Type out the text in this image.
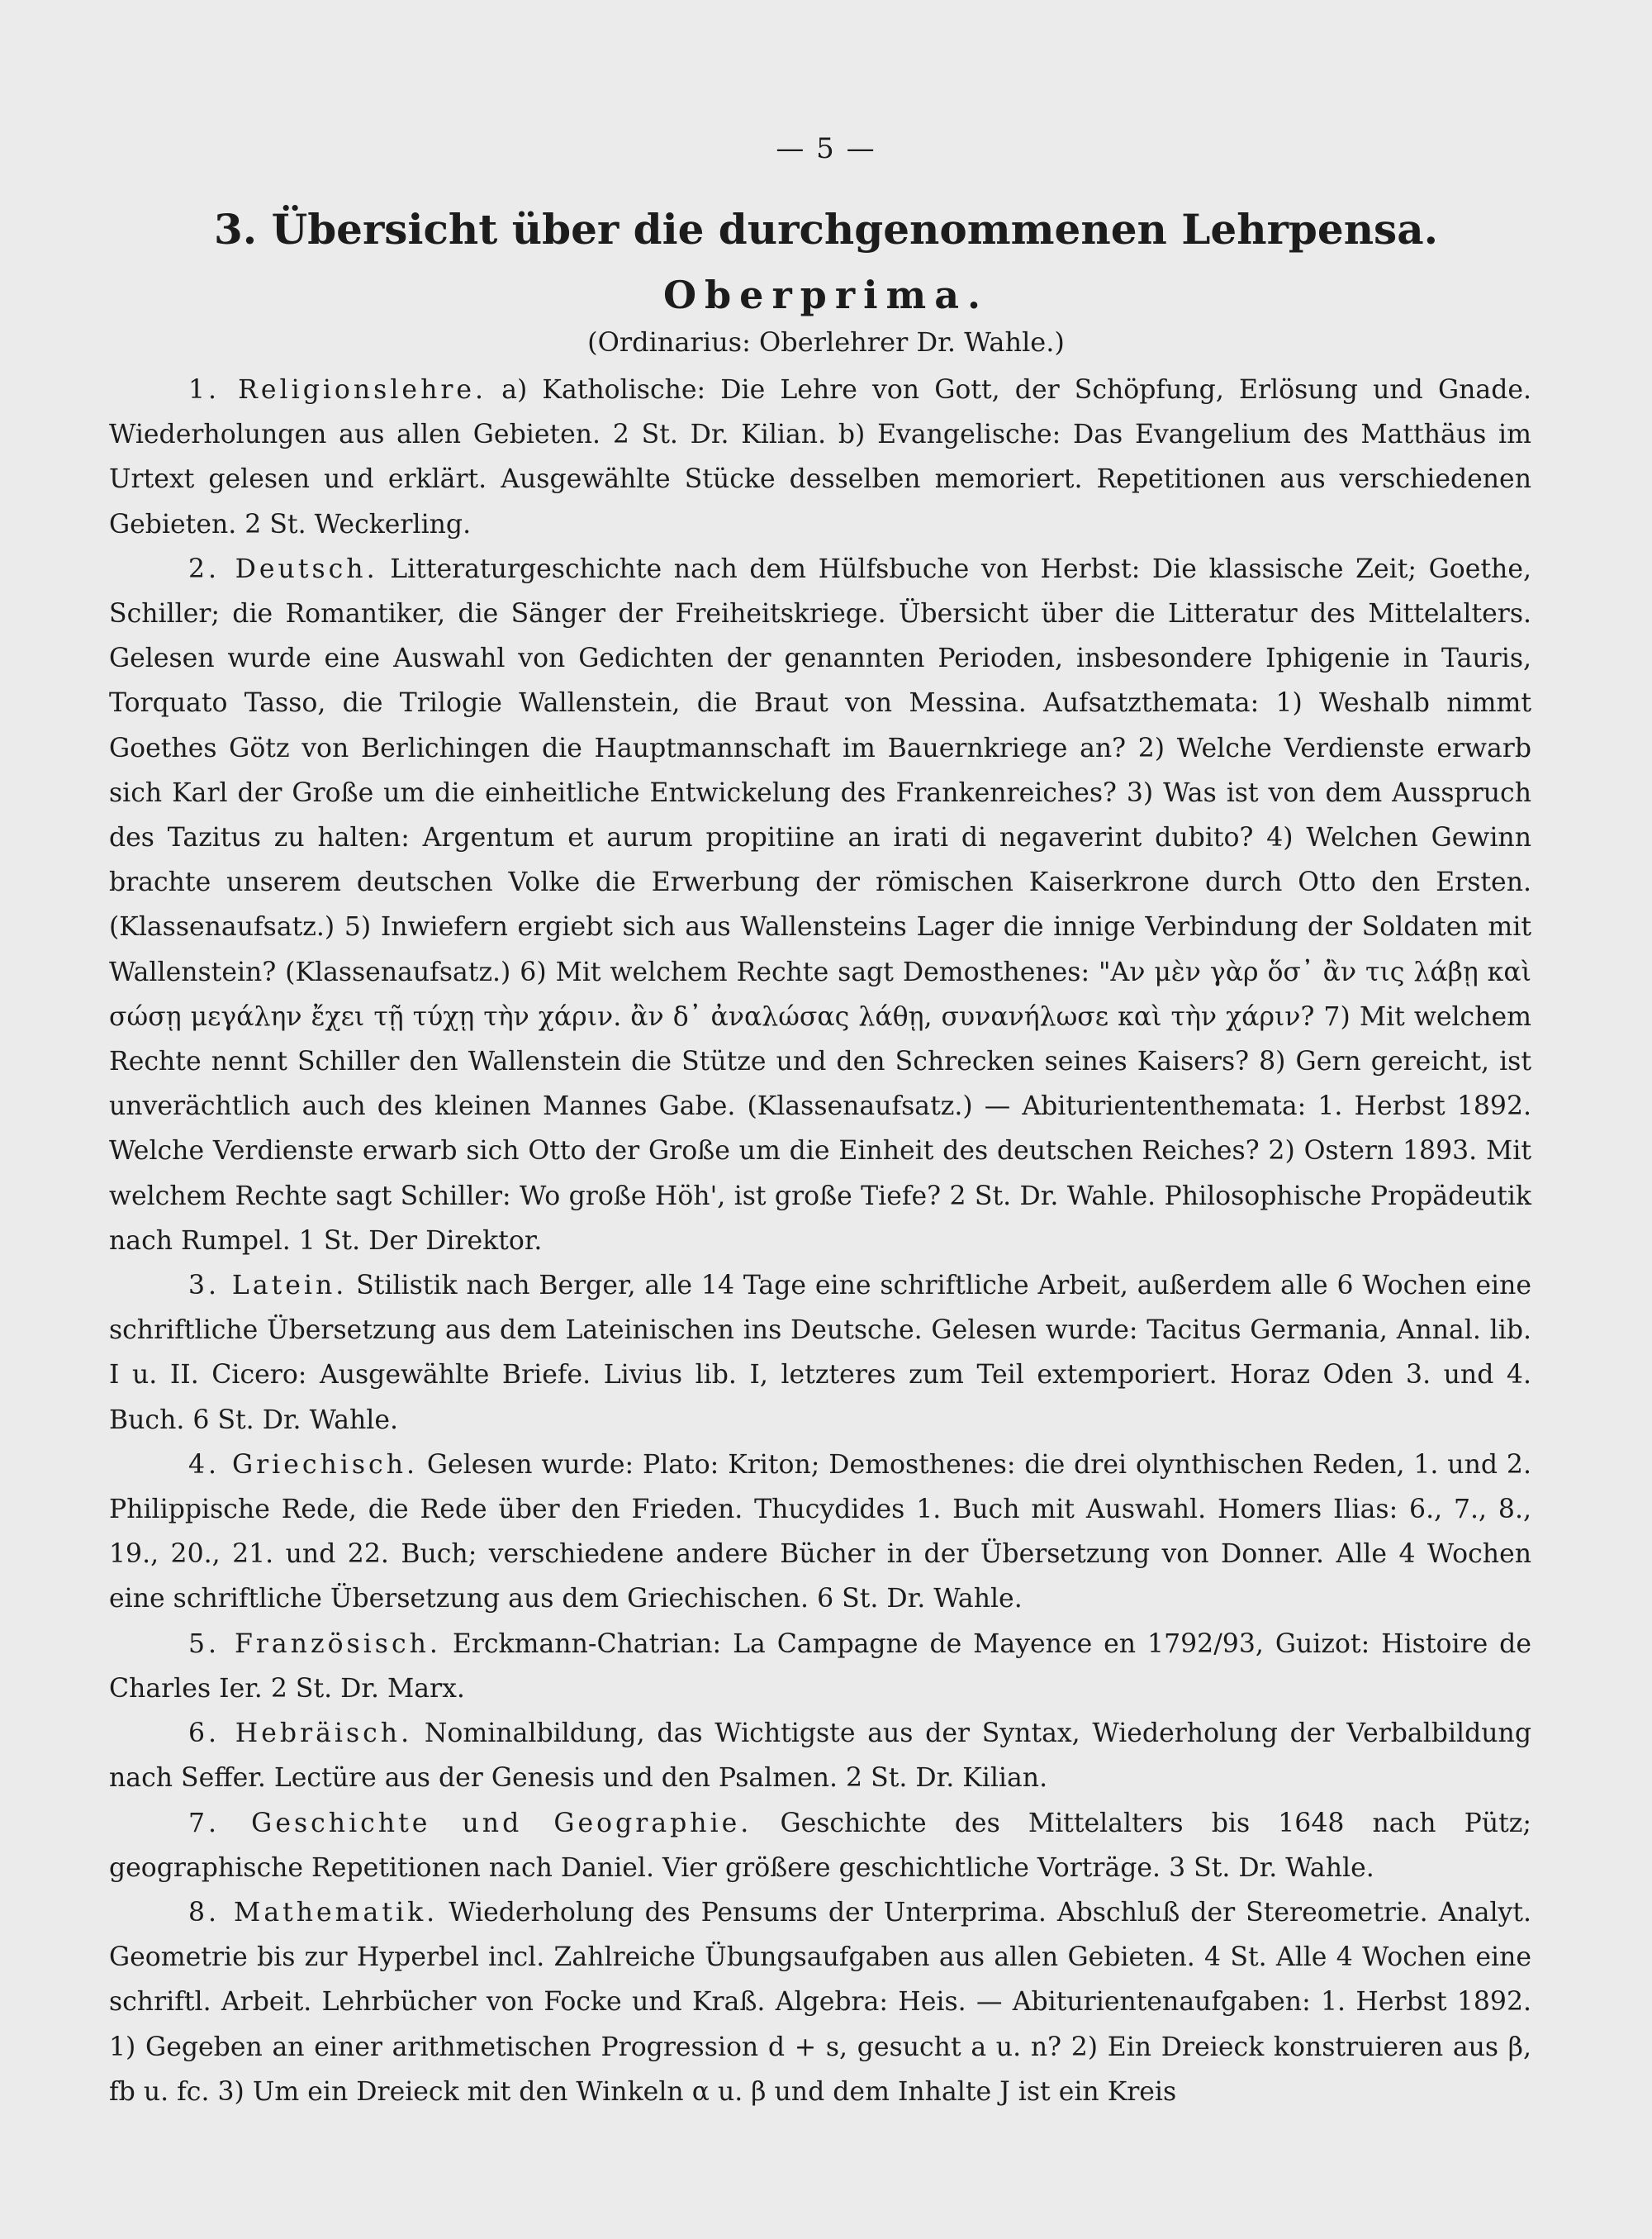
— 5 —
3. Übersicht über die durchgenommenen Lehrpensa.
Oberprima.
(Ordinarius: Oberlehrer Dr. Wahle.)

1. Religionslehre. a) Katholische: Die Lehre von Gott, der Schöpfung, Erlösung und Gnade. Wiederholungen aus allen Gebieten. 2 St. Dr. Kilian. b) Evangelische: Das Evangelium des Matthäus im Urtext gelesen und erklärt. Ausgewählte Stücke desselben memoriert. Repetitionen aus verschiedenen Gebieten. 2 St. Weckerling.

2. Deutsch. Litteraturgeschichte nach dem Hülfsbuche von Herbst: Die klassische Zeit; Goethe, Schiller; die Romantiker, die Sänger der Freiheitskriege. Übersicht über die Litteratur des Mittelalters. Gelesen wurde eine Auswahl von Gedichten der genannten Perioden, insbesondere Iphigenie in Tauris, Torquato Tasso, die Trilogie Wallenstein, die Braut von Messina. Aufsatzthemata: 1) Weshalb nimmt Goethes Götz von Berlichingen die Hauptmannschaft im Bauernkriege an? 2) Welche Verdienste erwarb sich Karl der Große um die einheitliche Entwickelung des Frankenreiches? 3) Was ist von dem Ausspruch des Tazitus zu halten: Argentum et aurum propitiine an irati di negaverint dubito? 4) Welchen Gewinn brachte unserem deutschen Volke die Erwerbung der römischen Kaiserkrone durch Otto den Ersten. (Klassenaufsatz.) 5) Inwiefern ergiebt sich aus Wallensteins Lager die innige Verbindung der Soldaten mit Wallenstein? (Klassenaufsatz.) 6) Mit welchem Rechte sagt Demosthenes: "Αν μὲν γὰρ ὅσ᾽ ἂν τις λάβῃ καὶ σώσῃ μεγάλην ἔχει τῇ τύχῃ τὴν χάριν. ἂν δ᾽ ἀναλώσας λάθῃ, συνανήλωσε καὶ τὴν χάριν? 7) Mit welchem Rechte nennt Schiller den Wallenstein die Stütze und den Schrecken seines Kaisers? 8) Gern gereicht, ist unverächtlich auch des kleinen Mannes Gabe. (Klassenaufsatz.) — Abituriententhemata: 1. Herbst 1892. Welche Verdienste erwarb sich Otto der Große um die Einheit des deutschen Reiches? 2) Ostern 1893. Mit welchem Rechte sagt Schiller: Wo große Höh', ist große Tiefe? 2 St. Dr. Wahle. Philosophische Propädeutik nach Rumpel. 1 St. Der Direktor.

3. Latein. Stilistik nach Berger, alle 14 Tage eine schriftliche Arbeit, außerdem alle 6 Wochen eine schriftliche Übersetzung aus dem Lateinischen ins Deutsche. Gelesen wurde: Tacitus Germania, Annal. lib. I u. II. Cicero: Ausgewählte Briefe. Livius lib. I, letzteres zum Teil extemporiert. Horaz Oden 3. und 4. Buch. 6 St. Dr. Wahle.

4. Griechisch. Gelesen wurde: Plato: Kriton; Demosthenes: die drei olynthischen Reden, 1. und 2. Philippische Rede, die Rede über den Frieden. Thucydides 1. Buch mit Auswahl. Homers Ilias: 6., 7., 8., 19., 20., 21. und 22. Buch; verschiedene andere Bücher in der Übersetzung von Donner. Alle 4 Wochen eine schriftliche Übersetzung aus dem Griechischen. 6 St. Dr. Wahle.

5. Französisch. Erckmann-Chatrian: La Campagne de Mayence en 1792/93, Guizot: Histoire de Charles Ier. 2 St. Dr. Marx.

6. Hebräisch. Nominalbildung, das Wichtigste aus der Syntax, Wiederholung der Verbalbildung nach Seffer. Lectüre aus der Genesis und den Psalmen. 2 St. Dr. Kilian.

7. Geschichte und Geographie. Geschichte des Mittelalters bis 1648 nach Pütz; geographische Repetitionen nach Daniel. Vier größere geschichtliche Vorträge. 3 St. Dr. Wahle.

8. Mathematik. Wiederholung des Pensums der Unterprima. Abschluß der Stereometrie. Analyt. Geometrie bis zur Hyperbel incl. Zahlreiche Übungsaufgaben aus allen Gebieten. 4 St. Alle 4 Wochen eine schriftl. Arbeit. Lehrbücher von Focke und Kraß. Algebra: Heis. — Abiturientenaufgaben: 1. Herbst 1892. 1) Gegeben an einer arithmetischen Progression d + s, gesucht a u. n? 2) Ein Dreieck konstruieren aus β, fb u. fc. 3) Um ein Dreieck mit den Winkeln α u. β und dem Inhalte J ist ein Kreis
